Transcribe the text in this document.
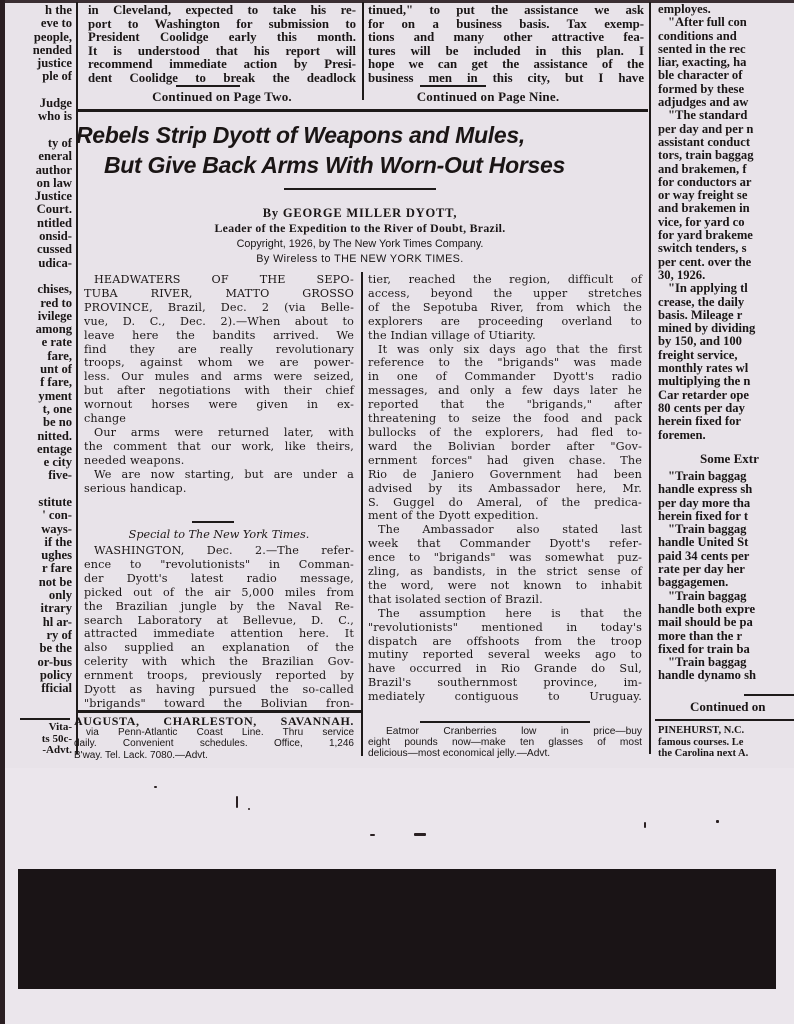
h the
eve to
people,
nended
justice
ple of

Judge
who is

ty of
eneral
author
on law
Justice
Court.
ntitled
onsid-
cussed
udica-

chises,
red to
ivilege
among
e rate
fare,
unt of
f fare,
yment
t, one
be no
nitted.
entage
e city
five-

stitute
' con-
ways-
if the
ughes
r fare
not be
only
itrary
hl ar-
ry of
be the
or-bus
policy
fficial
Vita-
ts 50c-
-Advt.
in Cleveland, expected to take his re-
port to Washington for submission to
President Coolidge early this month.
It is understood that his report will
recommend immediate action by Presi-
dent Coolidge to break the deadlock
Continued on Page Two.
tinued," to put the assistance we ask
for on a business basis. Tax exemp-
tions and many other attractive fea-
tures will be included in this plan. I
hope we can get the assistance of the
business men in this city, but I have
Continued on Page Nine.
employes.
"After full con
conditions and
sented in the rec
liar, exacting, ha
ble character of
formed by these
adjudges and aw
"The standard
per day and per n
assistant conduct
tors, train baggag
and brakemen, f
for conductors ar
or way freight se
and brakemen in
vice, for yard co
for yard brakeme
switch tenders, s
per cent. over the
30, 1926.
"In applying tl
crease, the daily
basis. Mileage r
mined by dividing
by 150, and 100
freight service,
monthly rates wl
multiplying the n
Car retarder ope
80 cents per day
herein fixed for
foremen.
Some Extr
"Train baggag
handle express sh
per day more tha
herein fixed for t
"Train baggag
handle United St
paid 34 cents per
rate per day her
baggagemen.
"Train baggag
handle both expre
mail should be pa
more than the r
fixed for train ba
"Train baggag
handle dynamo sh
Continued on
PINEHURST, N.C.
famous courses. Le
the Carolina next A.
Rebels Strip Dyott of Weapons and Mules,
But Give Back Arms With Worn-Out Horses
By GEORGE MILLER DYOTT,
Leader of the Expedition to the River of Doubt, Brazil.
Copyright, 1926, by The New York Times Company.
By Wireless to THE NEW YORK TIMES.
HEADWATERS OF THE SEPO-
TUBA RIVER, MATTO GROSSO
PROVINCE, Brazil, Dec. 2 (via Belle-
vue, D. C., Dec. 2).—When about to
leave here the bandits arrived. We
find they are really revolutionary
troops, against whom we are power-
less. Our mules and arms were seized,
but after negotiations with their chief
wornout horses were given in ex-
change
Our arms were returned later, with
the comment that our work, like theirs,
needed weapons.
We are now starting, but are under a
serious handicap.
Special to The New York Times.
WASHINGTON, Dec. 2.—The refer-
ence to "revolutionists" in Comman-
der Dyott's latest radio message,
picked out of the air 5,000 miles from
the Brazilian jungle by the Naval Re-
search Laboratory at Bellevue, D. C.,
attracted immediate attention here. It
also supplied an explanation of the
celerity with which the Brazilian Gov-
ernment troops, previously reported by
Dyott as having pursued the so-called
"brigands" toward the Bolivian fron-
AUGUSTA, CHARLESTON, SAVANNAH.
via Penn-Atlantic Coast Line. Thru service
daily. Convenient schedules. Office, 1,246
B'way. Tel. Lack. 7080.—Advt.
tier, reached the region, difficult of
access, beyond the upper stretches
of the Sepotuba River, from which the
explorers are proceeding overland to
the Indian village of Utiarity.
It was only six days ago that the first
reference to the "brigands" was made
in one of Commander Dyott's radio
messages, and only a few days later he
reported that the "brigands," after
threatening to seize the food and pack
bullocks of the explorers, had fled to-
ward the Bolivian border after "Gov-
ernment forces" had given chase. The
Rio de Janiero Government had been
advised by its Ambassador here, Mr.
S. Guggel do Ameral, of the predica-
ment of the Dyott expedition.
The Ambassador also stated last
week that Commander Dyott's refer-
ence to "brigands" was somewhat puz-
zling, as bandists, in the strict sense of
the word, were not known to inhabit
that isolated section of Brazil.
The assumption here is that the
"revolutionists" mentioned in today's
dispatch are offshoots from the troop
mutiny reported several weeks ago to
have occurred in Rio Grande do Sul,
Brazil's southernmost province, im-
mediately contiguous to Uruguay.
Eatmor Cranberries low in price—buy
eight pounds now—make ten glasses of most
delicious—most economical jelly.—Advt.
